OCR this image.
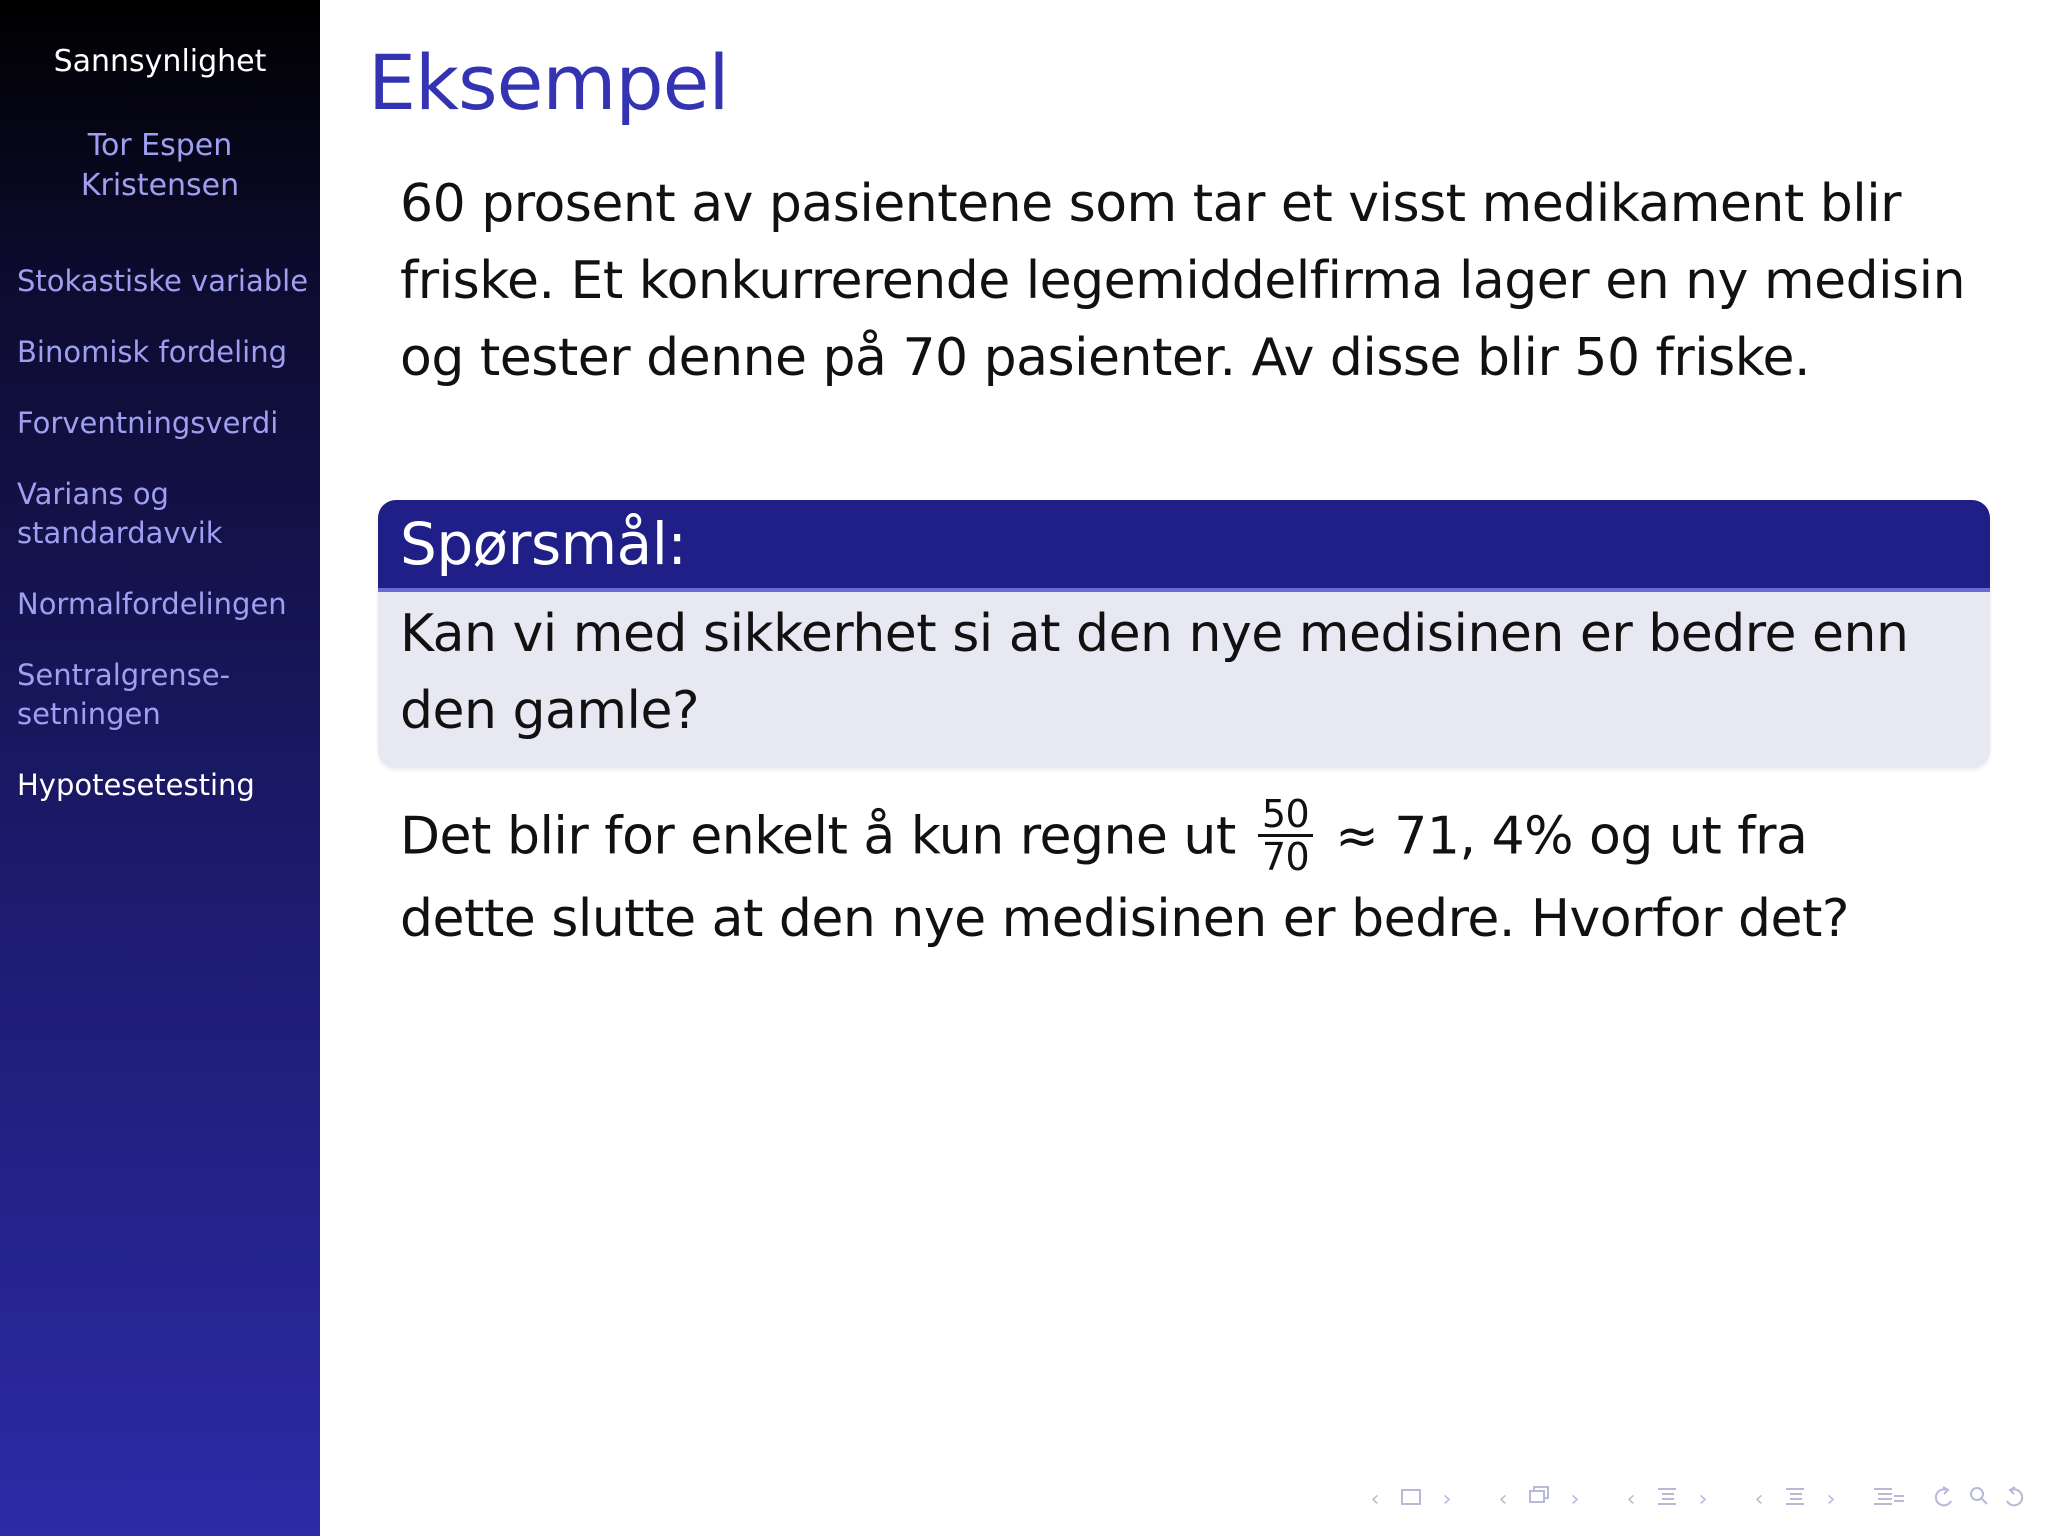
Sannsynlighet
Tor Espen
Kristensen
Stokastiske variable
Binomisk fordeling
Forventningsverdi
Varians og
standardavvik
Normalfordelingen
Sentralgrense-
setningen
Hypotesetesting
Eksempel
60 prosent av pasientene som tar et visst medikament blir friske. Et konkurrerende legemiddelfirma lager en ny medisin og tester denne på 70 pasienter. Av disse blir 50 friske.
Spørsmål:
Kan vi med sikkerhet si at den nye medisinen er bedre enn den gamle?
Det blir for enkelt å kun regne ut $\frac{50}{70} \approx 71$, 4% og ut fra
dette slutte at den nye medisinen er bedre. Hvorfor det?
‹	›	‹	›	‹	›	‹	›
